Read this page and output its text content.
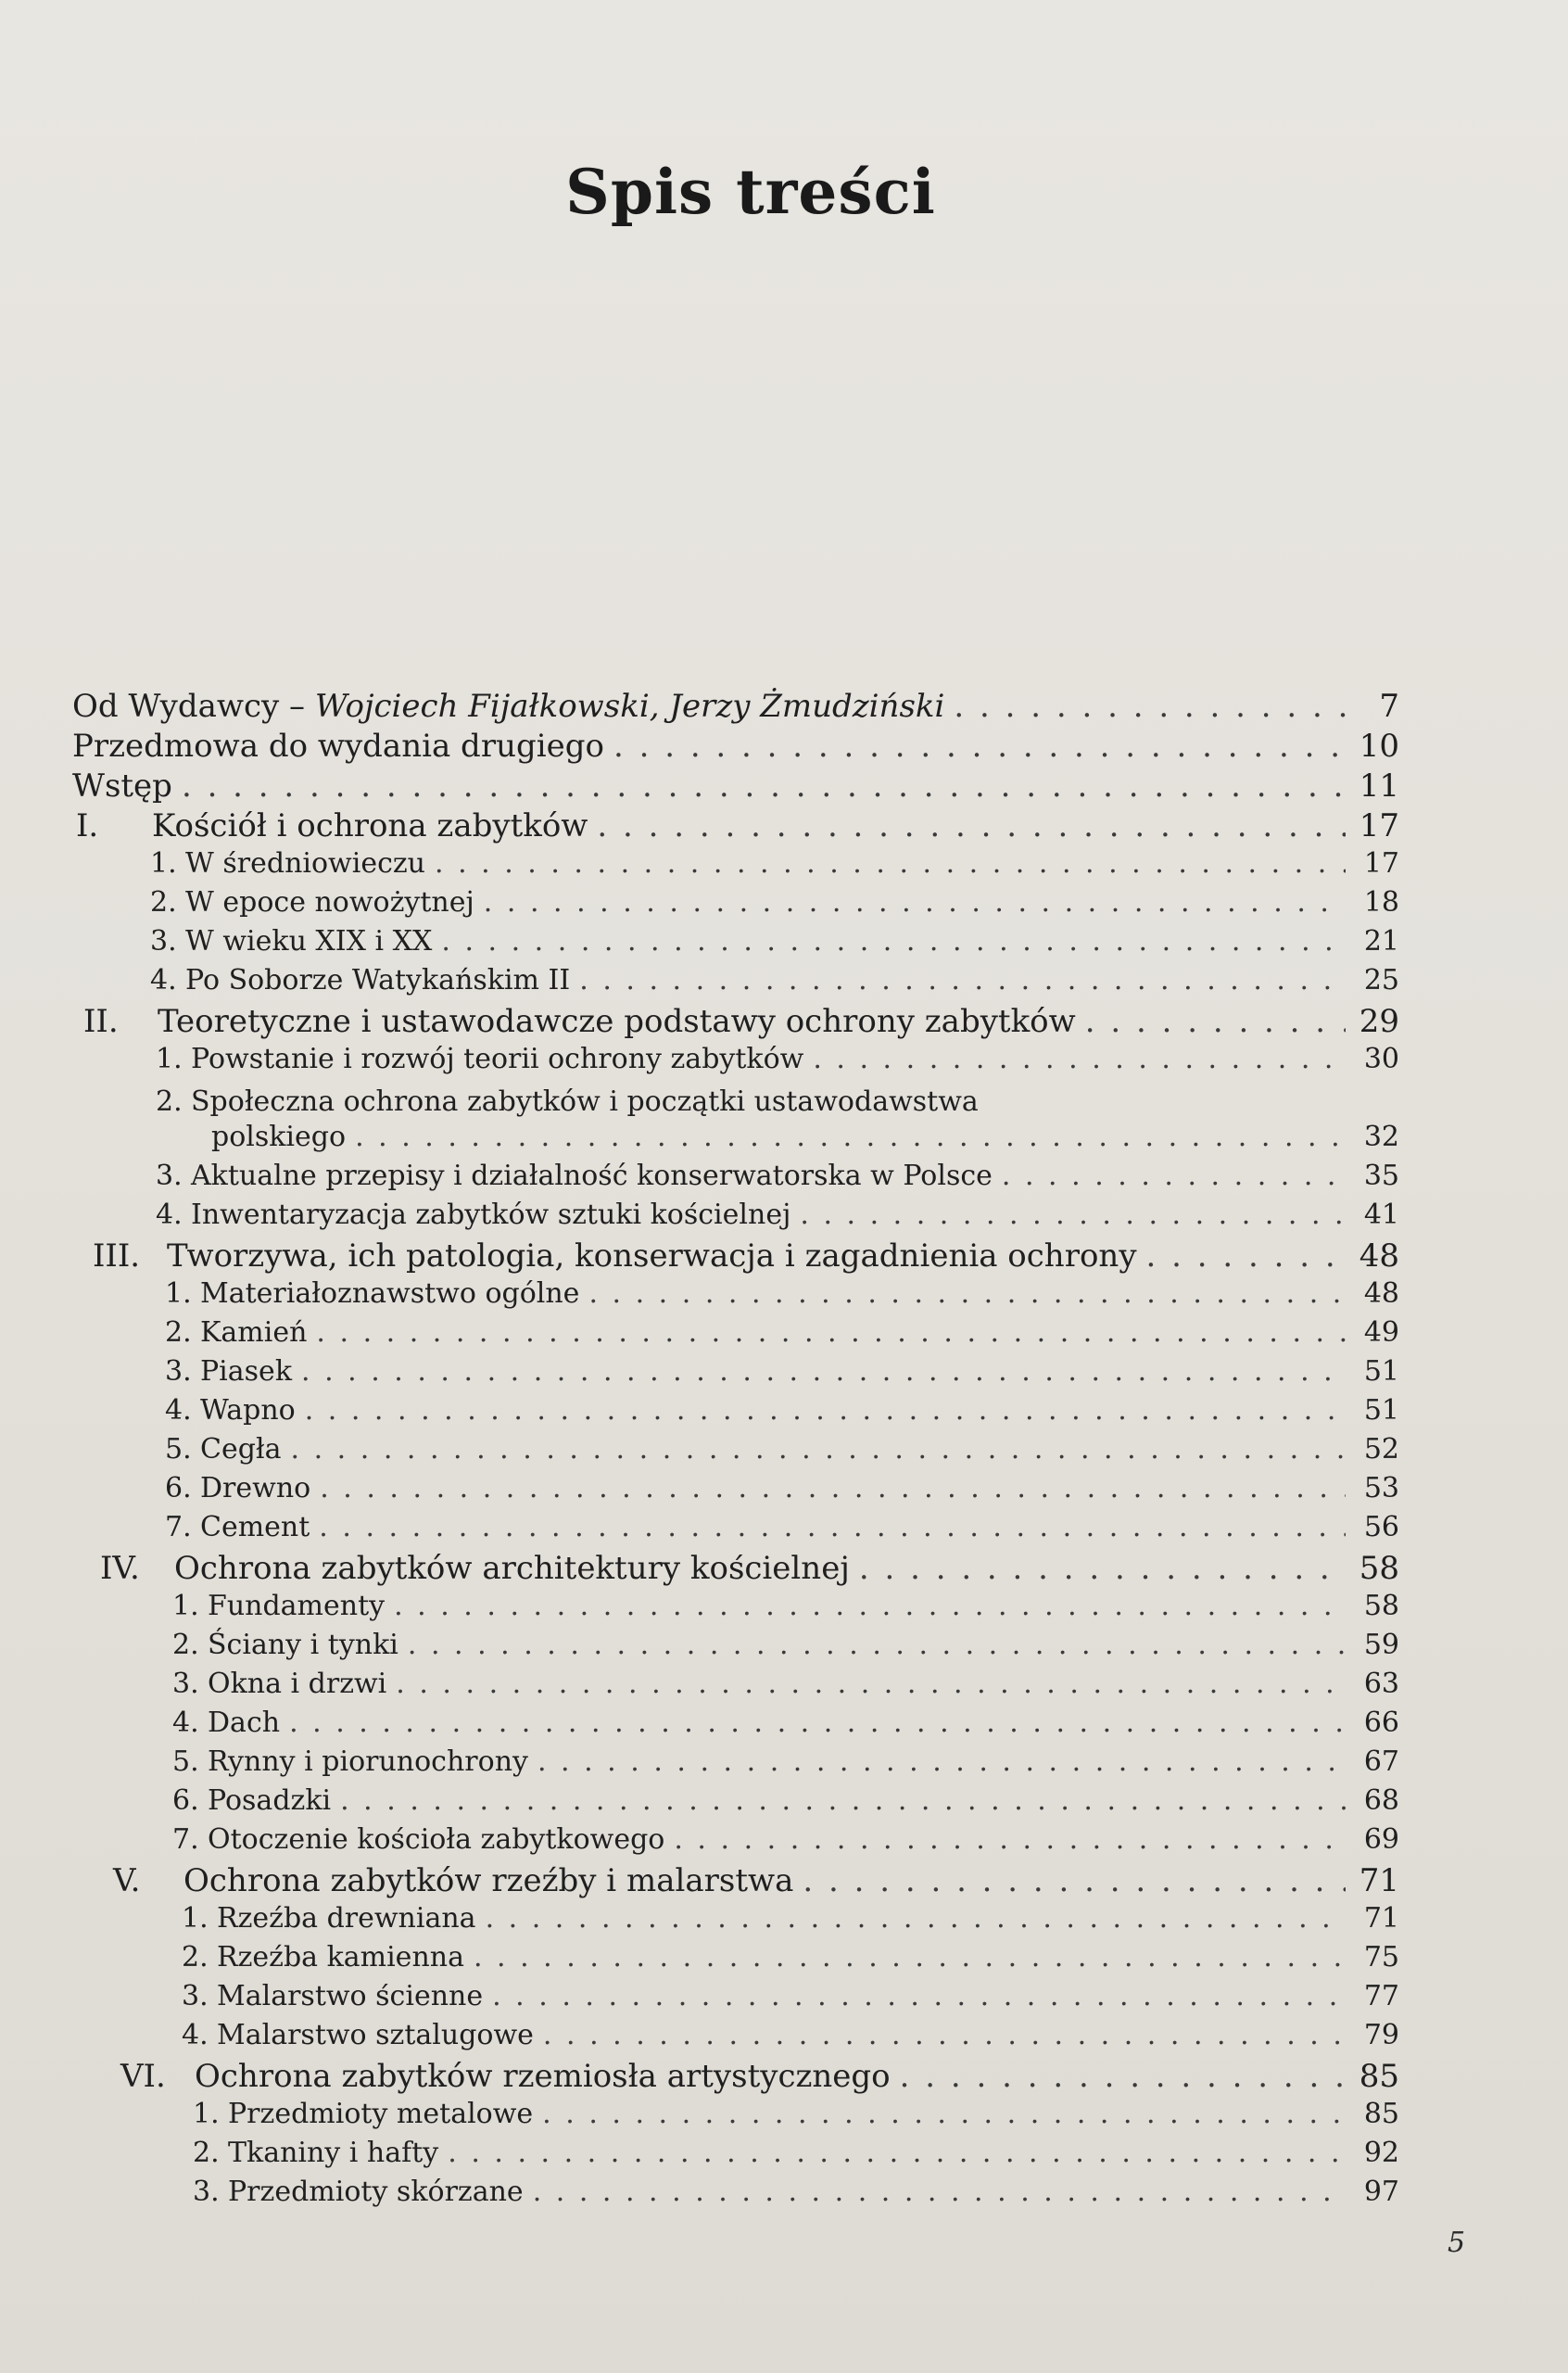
Spis treści
Od Wydawcy – Wojciech Fijałkowski, Jerzy Żmudziński . . .	7
Przedmowa do wydania drugiego . . .	10
Wstęp . . .	11
I. Kościół i ochrona zabytków . . .	17
1. W średniowieczu . . .	17
2. W epoce nowożytnej . . .	18
3. W wieku XIX i XX . . .	21
4. Po Soborze Watykańskim II . . .	25
II. Teoretyczne i ustawodawcze podstawy ochrony zabytków . . .	29
1. Powstanie i rozwój teorii ochrony zabytków . . .	30
2. Społeczna ochrona zabytków i początki ustawodawstwa
polskiego . . .	32
3. Aktualne przepisy i działalność konserwatorska w Polsce . . .	35
4. Inwentaryzacja zabytków sztuki kościelnej . . .	41
III. Tworzywa, ich patologia, konserwacja i zagadnienia ochrony . . .	48
1. Materiałoznawstwo ogólne . . .	48
2. Kamień . . .	49
3. Piasek . . .	51
4. Wapno . . .	51
5. Cegła . . .	52
6. Drewno . . .	53
7. Cement . . .	56
IV. Ochrona zabytków architektury kościelnej . . .	58
1. Fundamenty . . .	58
2. Ściany i tynki . . .	59
3. Okna i drzwi . . .	63
4. Dach . . .	66
5. Rynny i piorunochrony . . .	67
6. Posadzki . . .	68
7. Otoczenie kościoła zabytkowego . . .	69
V. Ochrona zabytków rzeźby i malarstwa . . .	71
1. Rzeźba drewniana . . .	71
2. Rzeźba kamienna . . .	75
3. Malarstwo ścienne . . .	77
4. Malarstwo sztalugowe . . .	79
VI. Ochrona zabytków rzemiosła artystycznego . . .	85
1. Przedmioty metalowe . . .	85
2. Tkaniny i hafty . . .	92
3. Przedmioty skórzane . . .	97
5
